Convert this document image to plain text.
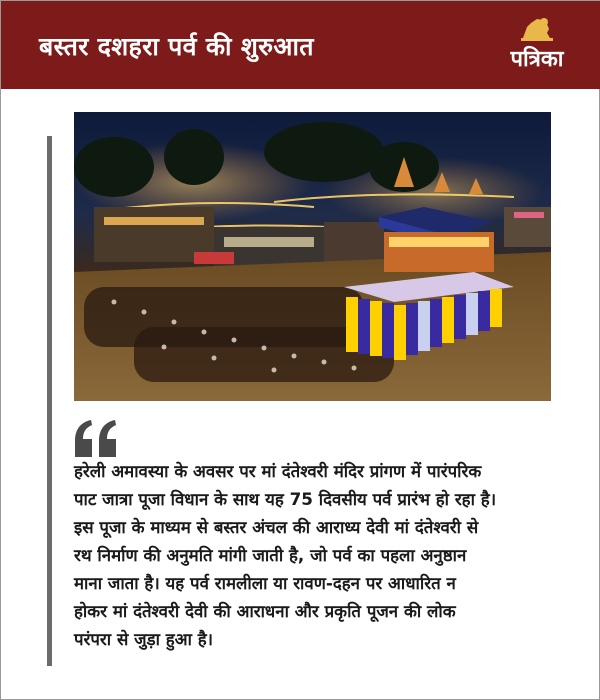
बस्तर दशहरा पर्व की शुरुआत	पत्रिका
हरेली अमावस्या के अवसर पर मां दंतेश्वरी मंदिर प्रांगण में पारंपरिक
पाट जात्रा पूजा विधान के साथ यह 75 दिवसीय पर्व प्रारंभ हो रहा है।
इस पूजा के माध्यम से बस्तर अंचल की आराध्य देवी मां दंतेश्वरी से
रथ निर्माण की अनुमति मांगी जाती है, जो पर्व का पहला अनुष्ठान
माना जाता है। यह पर्व रामलीला या रावण-दहन पर आधारित न
होकर मां दंतेश्वरी देवी की आराधना और प्रकृति पूजन की लोक
परंपरा से जुड़ा हुआ है।
